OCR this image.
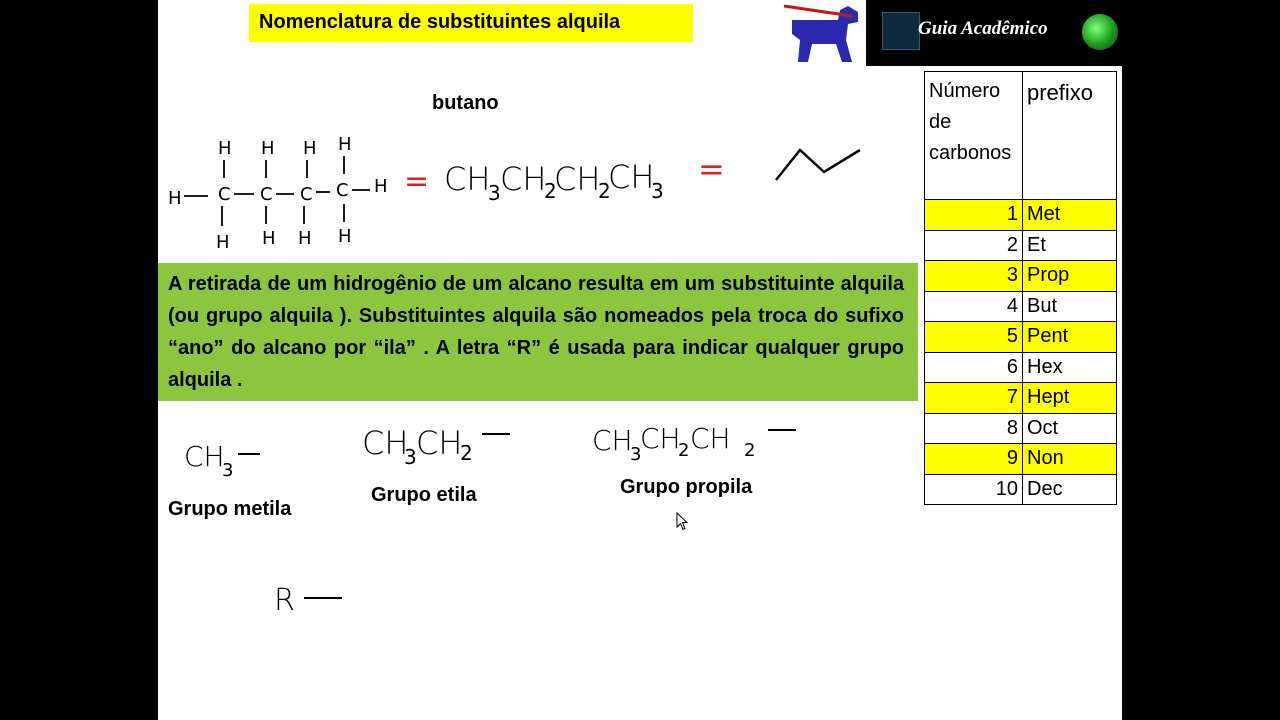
Nomenclatura de substituintes alquila	Guia Acadêmico
butano
H C C C C H
H H H H
H H H H
= CH
3 CH
2
CH
2
CH
3
=
A retirada de um hidrogênio de um alcano resulta em um substituinte alquila (ou grupo alquila ). Substituintes alquila são nomeados pela troca do sufixo “ano” do alcano por “ila” . A letra “R” é usada para indicar qualquer grupo alquila .
CH
3
CH
3 CH
2	CH
3
CH
2 CH 2
Grupo metila
Grupo etila	Grupo propila
R
Número de carbonos	prefixo
1	Met
2	Et
3	Prop
4	But
5	Pent
6	Hex
7	Hept
8	Oct
9	Non
10	Dec
